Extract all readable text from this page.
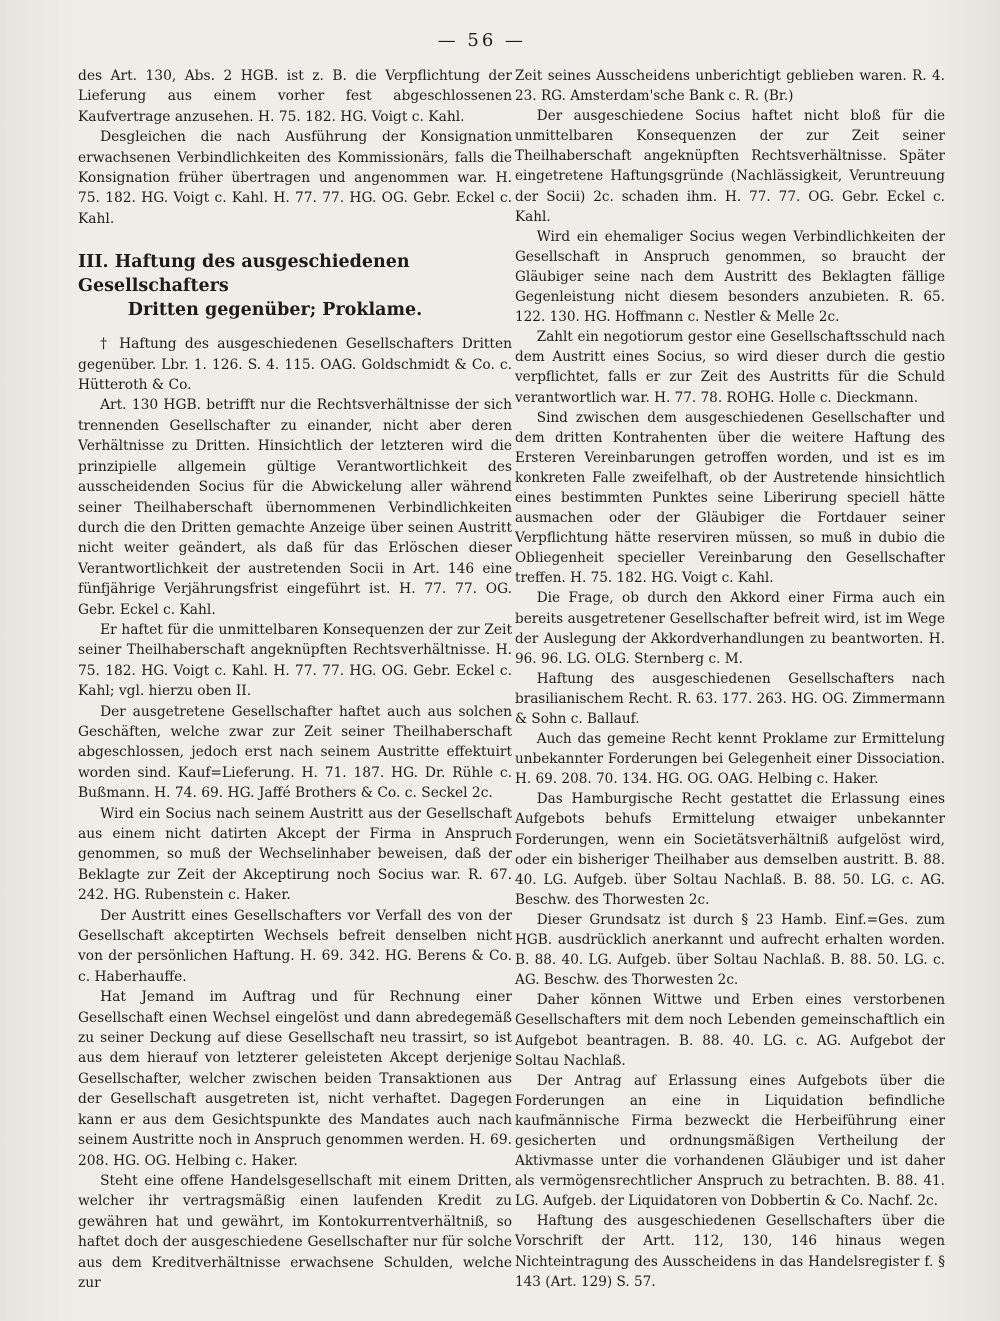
— 56 —

des Art. 130, Abs. 2 HGB. ist z. B. die Verpflichtung der Lieferung aus einem vorher fest abgeschlossenen Kaufvertrage anzusehen. H. 75. 182. HG. Voigt c. Kahl.

Desgleichen die nach Ausführung der Konsignation erwachsenen Verbindlichkeiten des Kommissionärs, falls die Konsignation früher übertragen und angenommen war. H. 75. 182. HG. Voigt c. Kahl. H. 77. 77. HG. OG. Gebr. Eckel c. Kahl.

III. Haftung des ausgeschiedenen Gesellschafters
Dritten gegenüber; Proklame.

† Haftung des ausgeschiedenen Gesellschafters Dritten gegenüber. Lbr. 1. 126. S. 4. 115. OAG. Goldschmidt & Co. c. Hütteroth & Co.

Art. 130 HGB. betrifft nur die Rechtsverhältnisse der sich trennenden Gesellschafter zu einander, nicht aber deren Verhältnisse zu Dritten. Hinsichtlich der letzteren wird die prinzipielle allgemein gültige Verantwortlichkeit des ausscheidenden Socius für die Abwickelung aller während seiner Theilhaberschaft übernommenen Verbindlichkeiten durch die den Dritten gemachte Anzeige über seinen Austritt nicht weiter geändert, als daß für das Erlöschen dieser Verantwortlichkeit der austretenden Socii in Art. 146 eine fünfjährige Verjährungsfrist eingeführt ist. H. 77. 77. OG. Gebr. Eckel c. Kahl.

Er haftet für die unmittelbaren Konsequenzen der zur Zeit seiner Theilhaberschaft angeknüpften Rechtsverhältnisse. H. 75. 182. HG. Voigt c. Kahl. H. 77. 77. HG. OG. Gebr. Eckel c. Kahl; vgl. hierzu oben II.

Der ausgetretene Gesellschafter haftet auch aus solchen Geschäften, welche zwar zur Zeit seiner Theilhaberschaft abgeschlossen, jedoch erst nach seinem Austritte effektuirt worden sind. Kauf=Lieferung. H. 71. 187. HG. Dr. Rühle c. Bußmann. H. 74. 69. HG. Jaffé Brothers & Co. c. Seckel 2c.

Wird ein Socius nach seinem Austritt aus der Gesellschaft aus einem nicht datirten Akcept der Firma in Anspruch genommen, so muß der Wechselinhaber beweisen, daß der Beklagte zur Zeit der Akceptirung noch Socius war. R. 67. 242. HG. Rubenstein c. Haker.

Der Austritt eines Gesellschafters vor Verfall des von der Gesellschaft akceptirten Wechsels befreit denselben nicht von der persönlichen Haftung. H. 69. 342. HG. Berens & Co. c. Haberhauffe.

Hat Jemand im Auftrag und für Rechnung einer Gesellschaft einen Wechsel eingelöst und dann abredegemäß zu seiner Deckung auf diese Gesellschaft neu trassirt, so ist aus dem hierauf von letzterer geleisteten Akcept derjenige Gesellschafter, welcher zwischen beiden Transaktionen aus der Gesellschaft ausgetreten ist, nicht verhaftet. Dagegen kann er aus dem Gesichtspunkte des Mandates auch nach seinem Austritte noch in Anspruch genommen werden. H. 69. 208. HG. OG. Helbing c. Haker.

Steht eine offene Handelsgesellschaft mit einem Dritten, welcher ihr vertragsmäßig einen laufenden Kredit zu gewähren hat und gewährt, im Kontokurrentverhältniß, so haftet doch der ausgeschiedene Gesellschafter nur für solche aus dem Kreditverhältnisse erwachsene Schulden, welche zur

Zeit seines Ausscheidens unberichtigt geblieben waren. R. 4. 23. RG. Amsterdam'sche Bank c. R. (Br.)

Der ausgeschiedene Socius haftet nicht bloß für die unmittelbaren Konsequenzen der zur Zeit seiner Theilhaberschaft angeknüpften Rechtsverhältnisse. Später eingetretene Haftungsgründe (Nachlässigkeit, Veruntreuung der Socii) 2c. schaden ihm. H. 77. 77. OG. Gebr. Eckel c. Kahl.

Wird ein ehemaliger Socius wegen Verbindlichkeiten der Gesellschaft in Anspruch genommen, so braucht der Gläubiger seine nach dem Austritt des Beklagten fällige Gegenleistung nicht diesem besonders anzubieten. R. 65. 122. 130. HG. Hoffmann c. Nestler & Melle 2c.

Zahlt ein negotiorum gestor eine Gesellschaftsschuld nach dem Austritt eines Socius, so wird dieser durch die gestio verpflichtet, falls er zur Zeit des Austritts für die Schuld verantwortlich war. H. 77. 78. ROHG. Holle c. Dieckmann.

Sind zwischen dem ausgeschiedenen Gesellschafter und dem dritten Kontrahenten über die weitere Haftung des Ersteren Vereinbarungen getroffen worden, und ist es im konkreten Falle zweifelhaft, ob der Austretende hinsichtlich eines bestimmten Punktes seine Liberirung speciell hätte ausmachen oder der Gläubiger die Fortdauer seiner Verpflichtung hätte reserviren müssen, so muß in dubio die Obliegenheit specieller Vereinbarung den Gesellschafter treffen. H. 75. 182. HG. Voigt c. Kahl.

Die Frage, ob durch den Akkord einer Firma auch ein bereits ausgetretener Gesellschafter befreit wird, ist im Wege der Auslegung der Akkordverhandlungen zu beantworten. H. 96. 96. LG. OLG. Sternberg c. M.

Haftung des ausgeschiedenen Gesellschafters nach brasilianischem Recht. R. 63. 177. 263. HG. OG. Zimmermann & Sohn c. Ballauf.

Auch das gemeine Recht kennt Proklame zur Ermittelung unbekannter Forderungen bei Gelegenheit einer Dissociation. H. 69. 208. 70. 134. HG. OG. OAG. Helbing c. Haker.

Das Hamburgische Recht gestattet die Erlassung eines Aufgebots behufs Ermittelung etwaiger unbekannter Forderungen, wenn ein Societätsverhältniß aufgelöst wird, oder ein bisheriger Theilhaber aus demselben austritt. B. 88. 40. LG. Aufgeb. über Soltau Nachlaß. B. 88. 50. LG. c. AG. Beschw. des Thorwesten 2c.

Dieser Grundsatz ist durch § 23 Hamb. Einf.=Ges. zum HGB. ausdrücklich anerkannt und aufrecht erhalten worden. B. 88. 40. LG. Aufgeb. über Soltau Nachlaß. B. 88. 50. LG. c. AG. Beschw. des Thorwesten 2c.

Daher können Wittwe und Erben eines verstorbenen Gesellschafters mit dem noch Lebenden gemeinschaftlich ein Aufgebot beantragen. B. 88. 40. LG. c. AG. Aufgebot der Soltau Nachlaß.

Der Antrag auf Erlassung eines Aufgebots über die Forderungen an eine in Liquidation befindliche kaufmännische Firma bezweckt die Herbeiführung einer gesicherten und ordnungsmäßigen Vertheilung der Aktivmasse unter die vorhandenen Gläubiger und ist daher als vermögensrechtlicher Anspruch zu betrachten. B. 88. 41. LG. Aufgeb. der Liquidatoren von Dobbertin & Co. Nachf. 2c.

Haftung des ausgeschiedenen Gesellschafters über die Vorschrift der Artt. 112, 130, 146 hinaus wegen Nichteintragung des Ausscheidens in das Handelsregister f. § 143 (Art. 129) S. 57.
